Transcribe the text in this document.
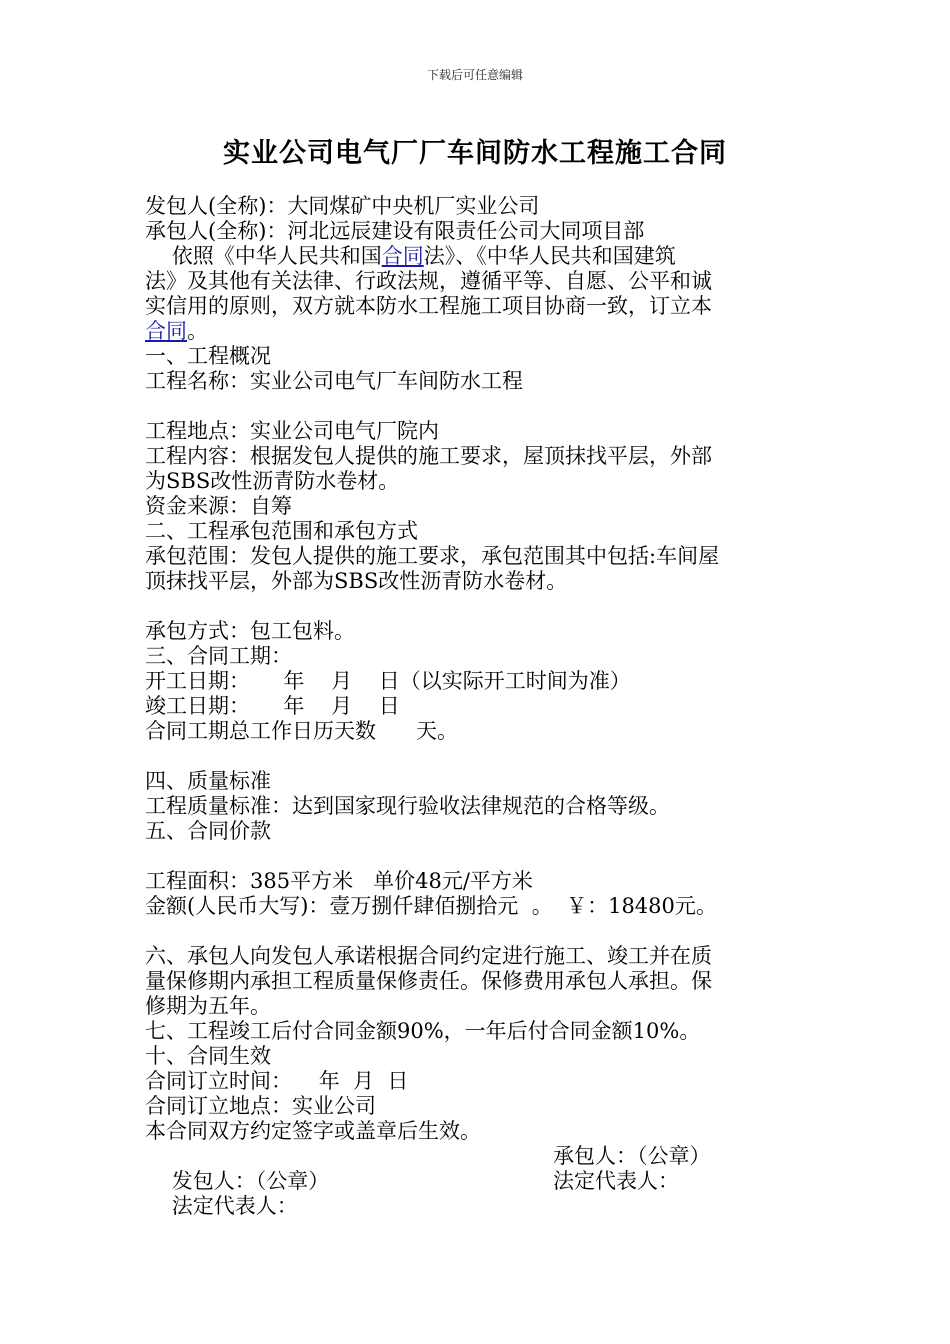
下载后可任意编辑
实业公司电气厂厂车间防水工程施工合同
发包人(全称)：大同煤矿中央机厂实业公司
承包人(全称)：河北远辰建设有限责任公司大同项目部
依照《中华人民共和国合同法》、《中华人民共和国建筑
法》及其他有关法律、行政法规，遵循平等、自愿、公平和诚
实信用的原则，双方就本防水工程施工项目协商一致，订立本
合同。
一、工程概况
工程名称：实业公司电气厂车间防水工程
工程地点：实业公司电气厂院内
工程内容：根据发包人提供的施工要求，屋顶抹找平层，外部
为SBS改性沥青防水卷材。
资金来源：自筹
二、工程承包范围和承包方式
承包范围：发包人提供的施工要求，承包范围其中包括:车间屋
顶抹找平层，外部为SBS改性沥青防水卷材。
承包方式：包工包料。
三、合同工期：
开工日期：     年    月    日（以实际开工时间为准）
竣工日期：     年    月    日
合同工期总工作日历天数      天。
四、质量标准
工程质量标准：达到国家现行验收法律规范的合格等级。
五、合同价款
工程面积：385平方米   单价48元/平方米
金额(人民币大写)：壹万捌仟肆佰捌拾元  。  ￥：18480元。
六、承包人向发包人承诺根据合同约定进行施工、竣工并在质
量保修期内承担工程质量保修责任。保修费用承包人承担。保
修期为五年。
七、工程竣工后付合同金额90%，一年后付合同金额10%。
十、合同生效
合同订立时间：    年  月  日
合同订立地点：实业公司
本合同双方约定签字或盖章后生效。

发包人：（公章）

承包人：（公章）

法定代表人：

法定代表人：
